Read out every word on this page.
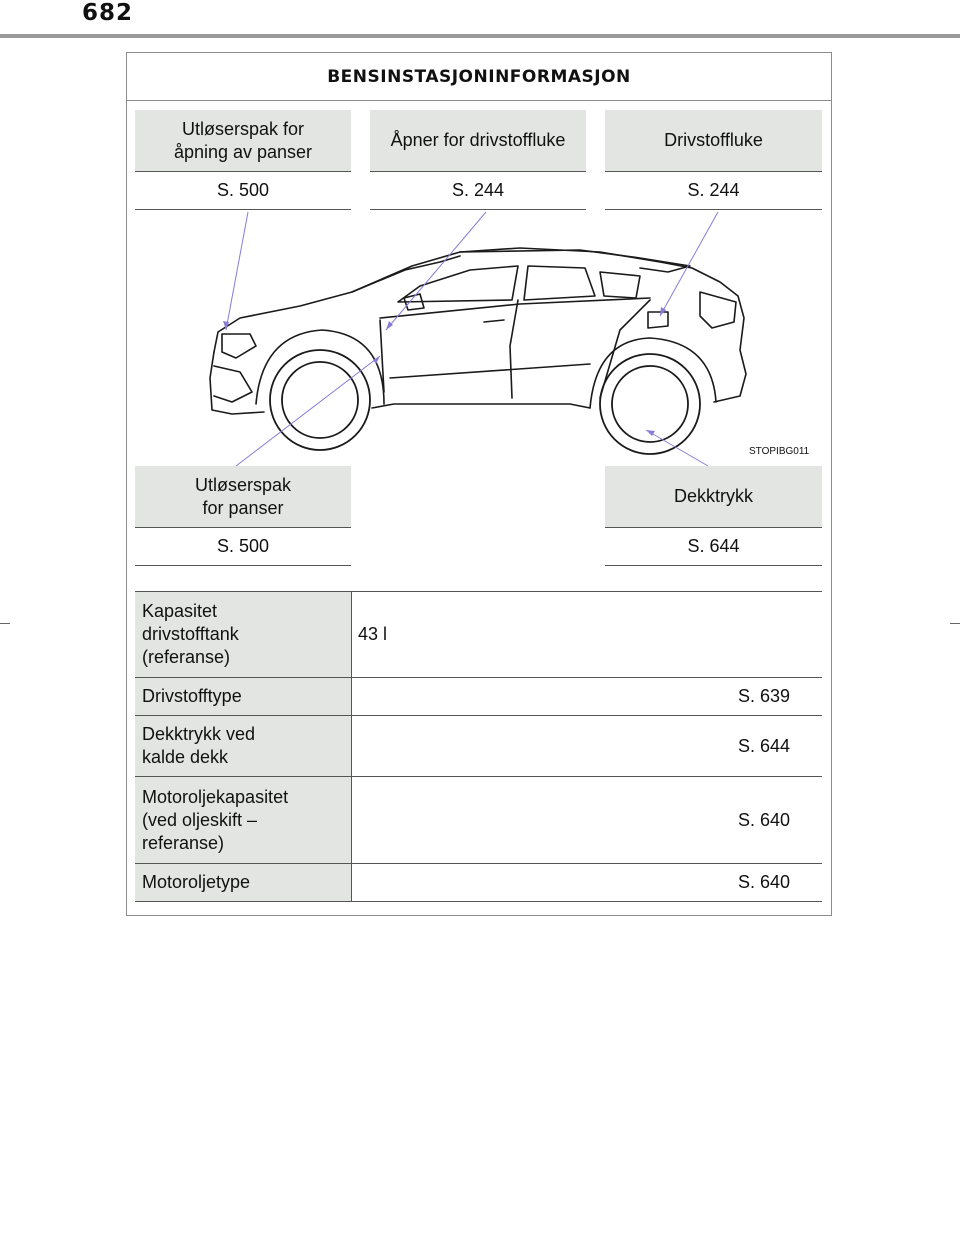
682
BENSINSTASJONINFORMASJON
Utløserspak for
åpning av panser
S. 500
Åpner for drivstoffluke
S. 244
Drivstoffluke
S. 244
STOPIBG011
Utløserspak
for panser
S. 500
Dekktrykk
S. 644
Kapasitet
drivstofftank
(referanse)
43 l
Drivstofftype	S. 639
Dekktrykk ved
kalde dekk
S. 644
Motoroljekapasitet
(ved oljeskift –
referanse)
S. 640
Motoroljetype	S. 640
